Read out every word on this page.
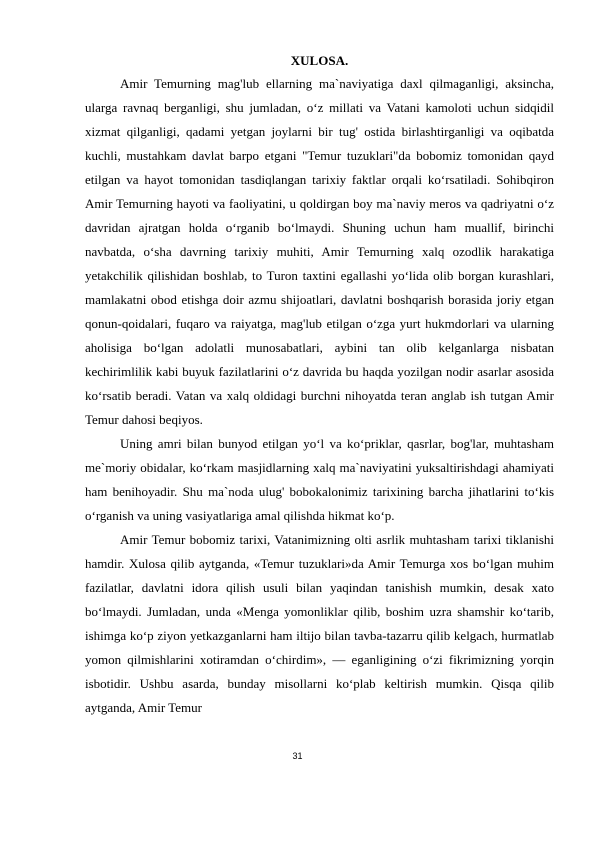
XULOSA.

Amir Temurning mag'lub ellarning ma`naviyatiga daxl qilmaganligi, aksincha, ularga ravnaq berganligi, shu jumladan, o‘z millati va Vatani kamoloti uchun sidqidil xizmat qilganligi, qadami yetgan joylarni bir tug' ostida birlashtirganligi va oqibatda kuchli, mustahkam davlat barpo etgani "Temur tuzuklari"da bobomiz tomonidan qayd etilgan va hayot tomonidan tasdiqlangan tarixiy faktlar orqali ko‘rsatiladi. Sohibqiron Amir Temurning hayoti va faoliyatini, u qoldirgan boy ma`naviy meros va qadriyatni o‘z davridan ajratgan holda o‘rganib bo‘lmaydi. Shuning uchun ham muallif, birinchi navbatda, o‘sha davrning tarixiy muhiti, Amir Temurning xalq ozodlik harakatiga yetakchilik qilishidan boshlab, to Turon taxtini egallashi yo‘lida olib borgan kurashlari, mamlakatni obod etishga doir azmu shijoatlari, davlatni boshqarish borasida joriy etgan qonun-qoidalari, fuqaro va raiyatga, mag'lub etilgan o‘zga yurt hukmdorlari va ularning aholisiga bo‘lgan adolatli munosabatlari, aybini tan olib kelganlarga nisbatan kechirimlilik kabi buyuk fazilatlarini o‘z davrida bu haqda yozilgan nodir asarlar asosida ko‘rsatib beradi. Vatan va xalq oldidagi burchni nihoyatda teran anglab ish tutgan Amir Temur dahosi beqiyos.

Uning amri bilan bunyod etilgan yo‘l va ko‘priklar, qasrlar, bog'lar, muhtasham me`moriy obidalar, ko‘rkam masjidlarning xalq ma`naviyatini yuksaltirishdagi ahamiyati ham benihoyadir. Shu ma`noda ulug' bobokalonimiz tarixining barcha jihatlarini to‘kis o‘rganish va uning vasiyatlariga amal qilishda hikmat ko‘p.

Amir Temur bobomiz tarixi, Vatanimizning olti asrlik muhtasham tarixi tiklanishi hamdir. Xulosa qilib aytganda, «Temur tuzuklari»da Amir Temurga xos bo‘lgan muhim fazilatlar, davlatni idora qilish usuli bilan yaqindan tanishish mumkin, desak xato bo‘lmaydi. Jumladan, unda «Menga yomonliklar qilib, boshim uzra shamshir ko‘tarib, ishimga ko‘p ziyon yetkazganlarni ham iltijo bilan tavba-tazarru qilib kelgach, hurmatlab yomon qilmishlarini xotiramdan o‘chirdim», — eganligining o‘zi fikrimizning yorqin isbotidir. Ushbu asarda, bunday misollarni ko‘plab keltirish mumkin. Qisqa qilib aytganda, Amir Temur

31
